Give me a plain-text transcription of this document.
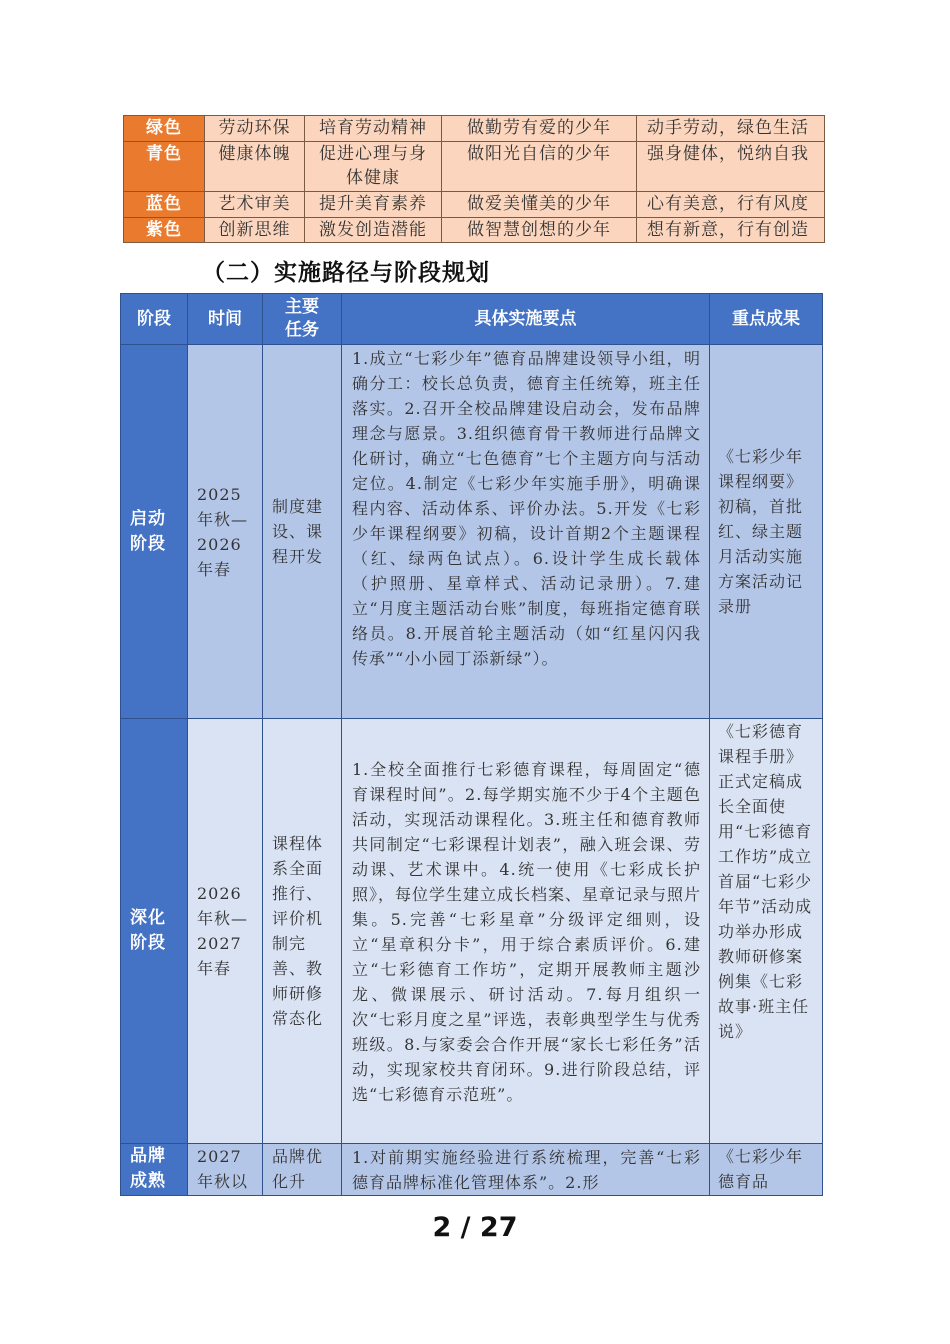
绿色	劳动环保	培育劳动精神	做勤劳有爱的少年	动手劳动，绿色生活
青色	健康体魄	促进心理与身体健康	做阳光自信的少年	强身健体，悦纳自我
蓝色	艺术审美	提升美育素养	做爱美懂美的少年	心有美意，行有风度
紫色	创新思维	激发创造潜能	做智慧创想的少年	想有新意，行有创造
（二）实施路径与阶段规划
阶段	时间	主要任务	具体实施要点	重点成果
启动阶段	2025年秋—2026年春	制度建设、课程开发	1.成立“七彩少年”德育品牌建设领导小组，明确分工：校长总负责，德育主任统筹，班主任落实。2.召开全校品牌建设启动会，发布品牌理念与愿景。3.组织德育骨干教师进行品牌文化研讨，确立“七色德育”七个主题方向与活动定位。4.制定《七彩少年实施手册》，明确课程内容、活动体系、评价办法。5.开发《七彩少年课程纲要》初稿，设计首期2个主题课程（红、绿两色试点）。6.设计学生成长载体（护照册、星章样式、活动记录册）。7.建立“月度主题活动台账”制度，每班指定德育联络员。8.开展首轮主题活动（如“红星闪闪我传承”“小小园丁添新绿”）。	《七彩少年课程纲要》初稿，首批红、绿主题月活动实施方案活动记录册
深化阶段	2026年秋—2027年春	课程体系全面推行、评价机制完善、教师研修常态化	1.全校全面推行七彩德育课程，每周固定“德育课程时间”。2.每学期实施不少于4个主题色活动，实现活动课程化。3.班主任和德育教师共同制定“七彩课程计划表”，融入班会课、劳动课、艺术课中。4.统一使用《七彩成长护照》，每位学生建立成长档案、星章记录与照片集。5.完善“七彩星章”分级评定细则，设立“星章积分卡”，用于综合素质评价。6.建立“七彩德育工作坊”，定期开展教师主题沙龙、微课展示、研讨活动。7.每月组织一次“七彩月度之星”评选，表彰典型学生与优秀班级。8.与家委会合作开展“家长七彩任务”活动，实现家校共育闭环。9.进行阶段总结，评选“七彩德育示范班”。	《七彩德育课程手册》正式定稿成长全面使用“七彩德育工作坊”成立首届“七彩少年节”活动成功举办形成教师研修案例集《七彩故事·班主任说》
品牌成熟	2027年秋以	品牌优化升	1.对前期实施经验进行系统梳理，完善“七彩德育品牌标准化管理体系”。2.形	《七彩少年德育品
2 / 27
